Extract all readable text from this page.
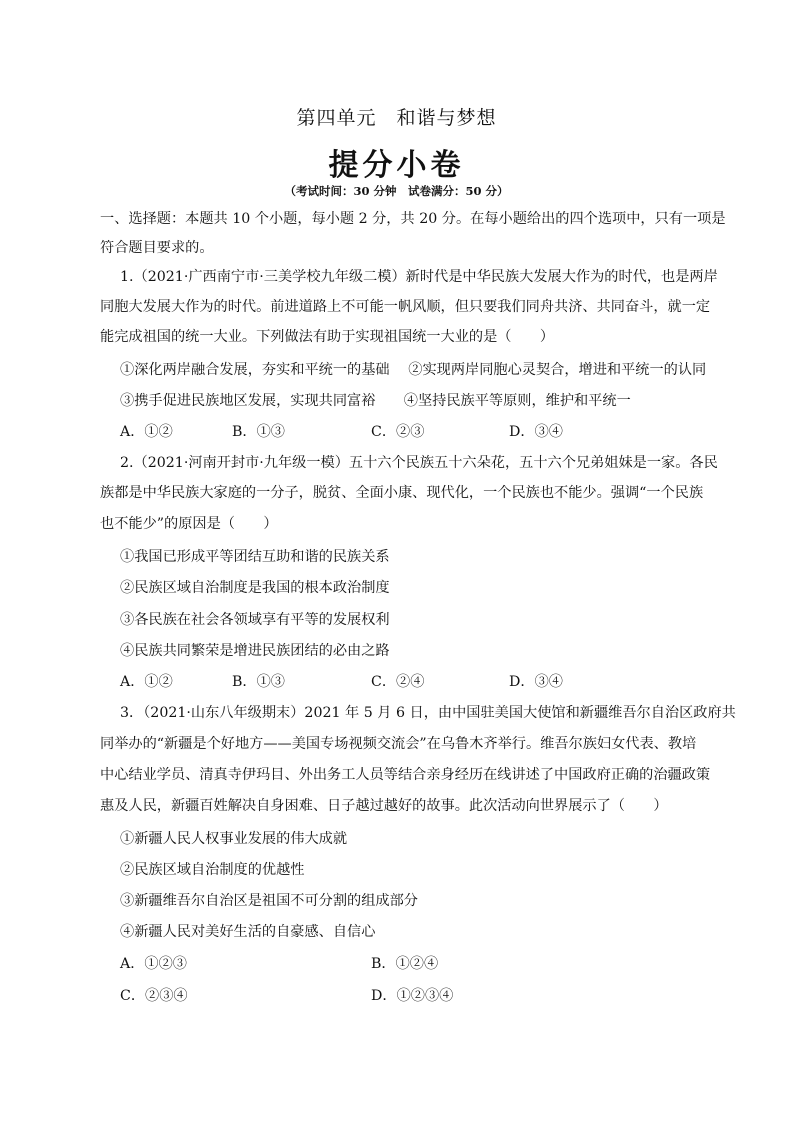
第四单元　和谐与梦想
提分小卷
（考试时间：30 分钟　试卷满分：50 分）
一、选择题：本题共 10 个小题，每小题 2 分，共 20 分。在每小题给出的四个选项中，只有一项是
符合题目要求的。
1.（2021·广西南宁市·三美学校九年级二模）新时代是中华民族大发展大作为的时代，也是两岸
同胞大发展大作为的时代。前进道路上不可能一帆风顺，但只要我们同舟共济、共同奋斗，就一定
能完成祖国的统一大业。下列做法有助于实现祖国统一大业的是（　　）
①深化两岸融合发展，夯实和平统一的基础　 ②实现两岸同胞心灵契合，增进和平统一的认同
③携手促进民族地区发展，实现共同富裕　　④坚持民族平等原则，维护和平统一
A．①②	B．①③	C．②③	D．③④
2.（2021·河南开封市·九年级一模）五十六个民族五十六朵花，五十六个兄弟姐妹是一家。各民
族都是中华民族大家庭的一分子，脱贫、全面小康、现代化，一个民族也不能少。强调“一个民族
也不能少”的原因是（　　）
①我国已形成平等团结互助和谐的民族关系
②民族区域自治制度是我国的根本政治制度
③各民族在社会各领域享有平等的发展权利
④民族共同繁荣是增进民族团结的必由之路
A．①②	B．①③	C．②④	D．③④
3．（2021·山东八年级期末）2021 年 5 月 6 日，由中国驻美国大使馆和新疆维吾尔自治区政府共
同举办的“新疆是个好地方——美国专场视频交流会”在乌鲁木齐举行。维吾尔族妇女代表、教培
中心结业学员、清真寺伊玛目、外出务工人员等结合亲身经历在线讲述了中国政府正确的治疆政策
惠及人民，新疆百姓解决自身困难、日子越过越好的故事。此次活动向世界展示了（　　）
①新疆人民人权事业发展的伟大成就
②民族区域自治制度的优越性
③新疆维吾尔自治区是祖国不可分割的组成部分
④新疆人民对美好生活的自豪感、自信心
A．①②③	B．①②④
C．②③④	D．①②③④
